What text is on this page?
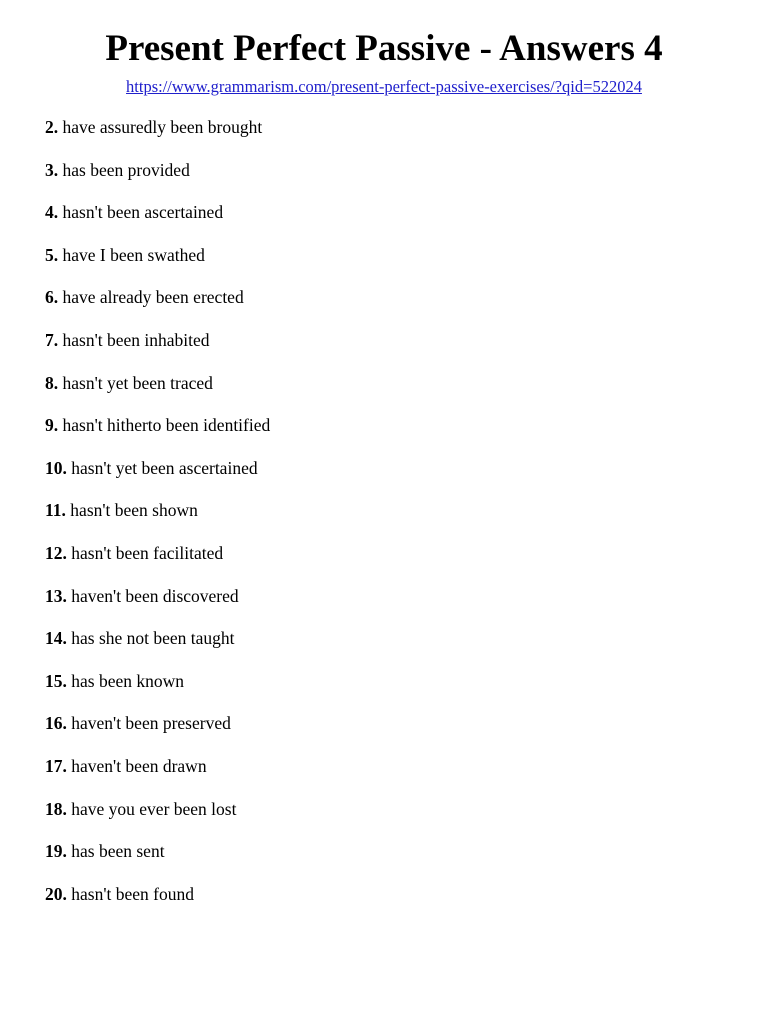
Present Perfect Passive - Answers 4
https://www.grammarism.com/present-perfect-passive-exercises/?qid=522024
2. have assuredly been brought
3. has been provided
4. hasn't been ascertained
5. have I been swathed
6. have already been erected
7. hasn't been inhabited
8. hasn't yet been traced
9. hasn't hitherto been identified
10. hasn't yet been ascertained
11. hasn't been shown
12. hasn't been facilitated
13. haven't been discovered
14. has she not been taught
15. has been known
16. haven't been preserved
17. haven't been drawn
18. have you ever been lost
19. has been sent
20. hasn't been found
